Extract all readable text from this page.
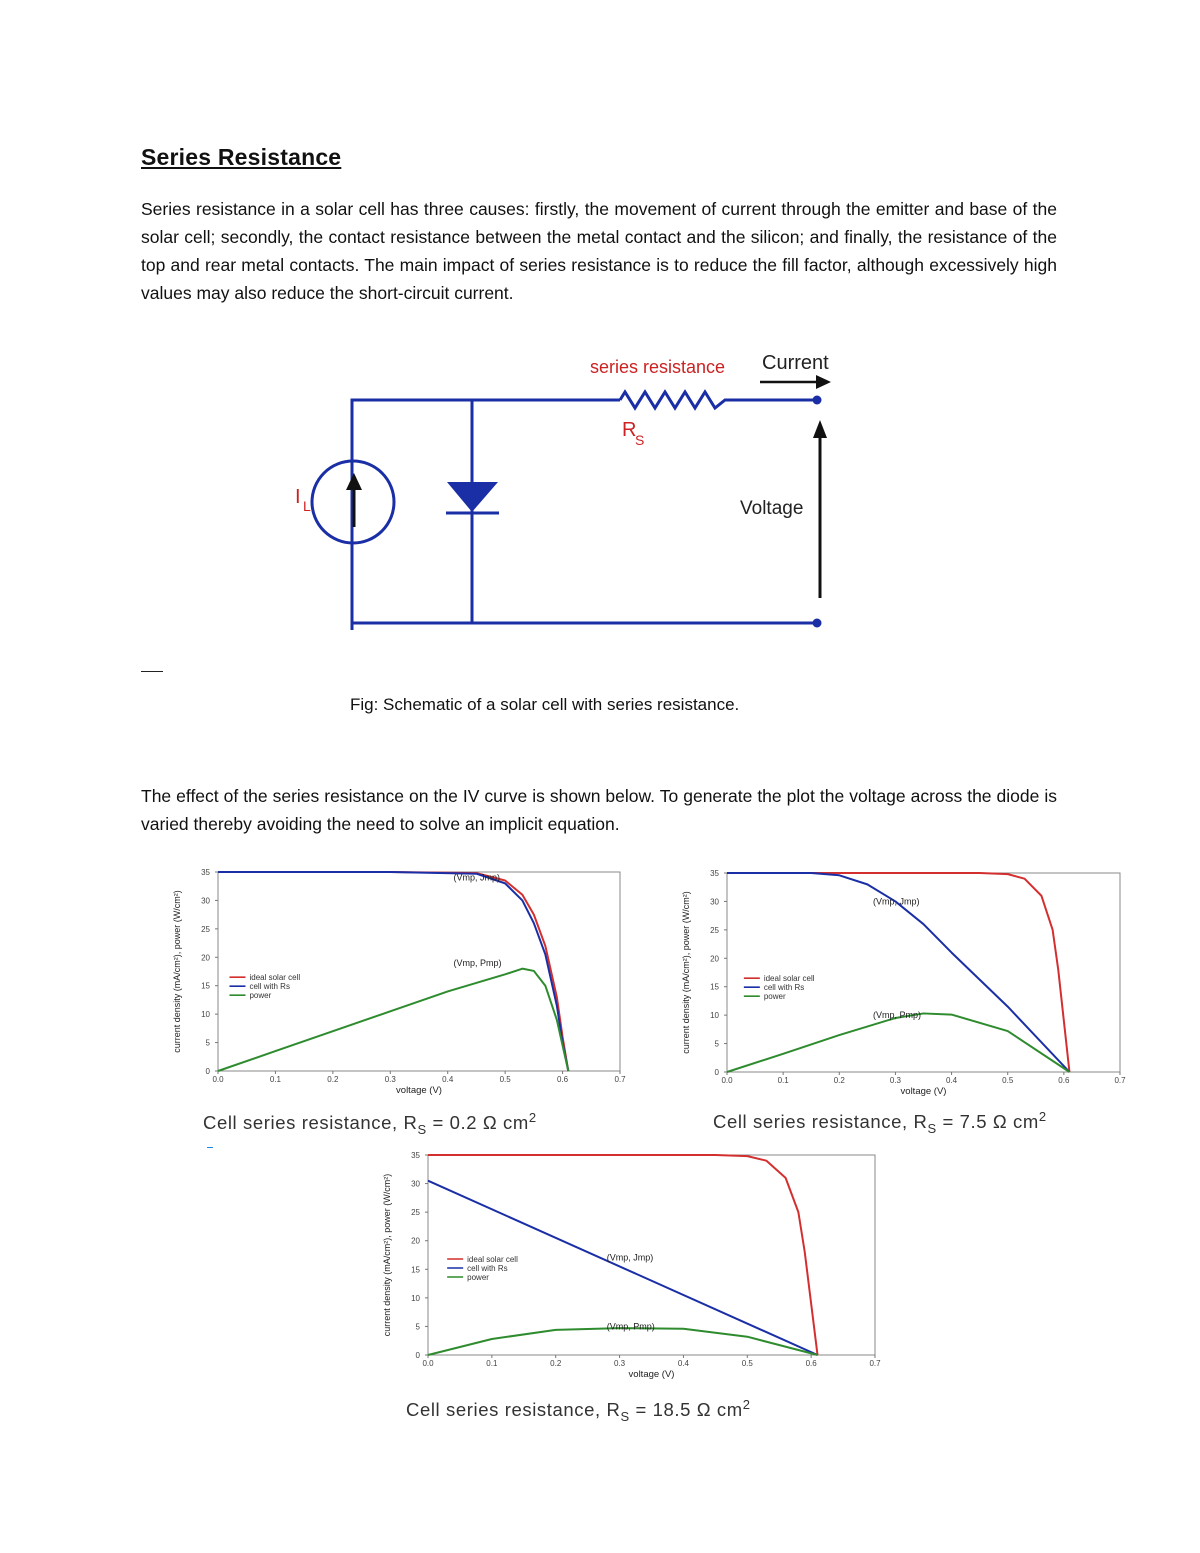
Series Resistance
Series resistance in a solar cell has three causes: firstly, the movement of current through the emitter and base of the solar cell; secondly, the contact resistance between the metal contact and the silicon; and finally, the resistance of the top and rear metal contacts. The main impact of series resistance is to reduce the fill factor, although excessively high values may also reduce the short-circuit current.
series resistance Current
R
S
I L	Voltage
Fig: Schematic of a solar cell with series resistance.
The effect of the series resistance on the IV curve is shown below. To generate the plot the voltage across the diode is varied thereby avoiding the need to solve an implicit equation.
0.0	0.1	0.2	0.3	0.4	0.5	0.6	0.7
0
5
10
15
20
25
30
35
voltage (V)
current density (mA/cm²), power (W/cm²)	ideal solar cell
cell with Rs
power
(Vmp, Jmp)
(Vmp, Pmp)
Cell series resistance, $R_S = 0.2$ Ω $cm^2$
0.0	0.1	0.2	0.3	0.4	0.5	0.6	0.7
0
5
10
15
20
25
30
35
voltage (V)
current density (mA/cm²), power (W/cm²)	ideal solar cell
cell with Rs
power
(Vmp, Jmp)
(Vmp, Pmp)
Cell series resistance, $R_S = 7.5$ Ω $cm^2$
0.0	0.1	0.2	0.3	0.4	0.5	0.6	0.7
0
5
10
15
20
25
30
35
voltage (V)
current density (mA/cm²), power (W/cm²)	ideal solar cell
cell with Rs
power
(Vmp, Jmp)
(Vmp, Pmp)
Cell series resistance, $R_S = 18.5$ Ω $cm^2$
